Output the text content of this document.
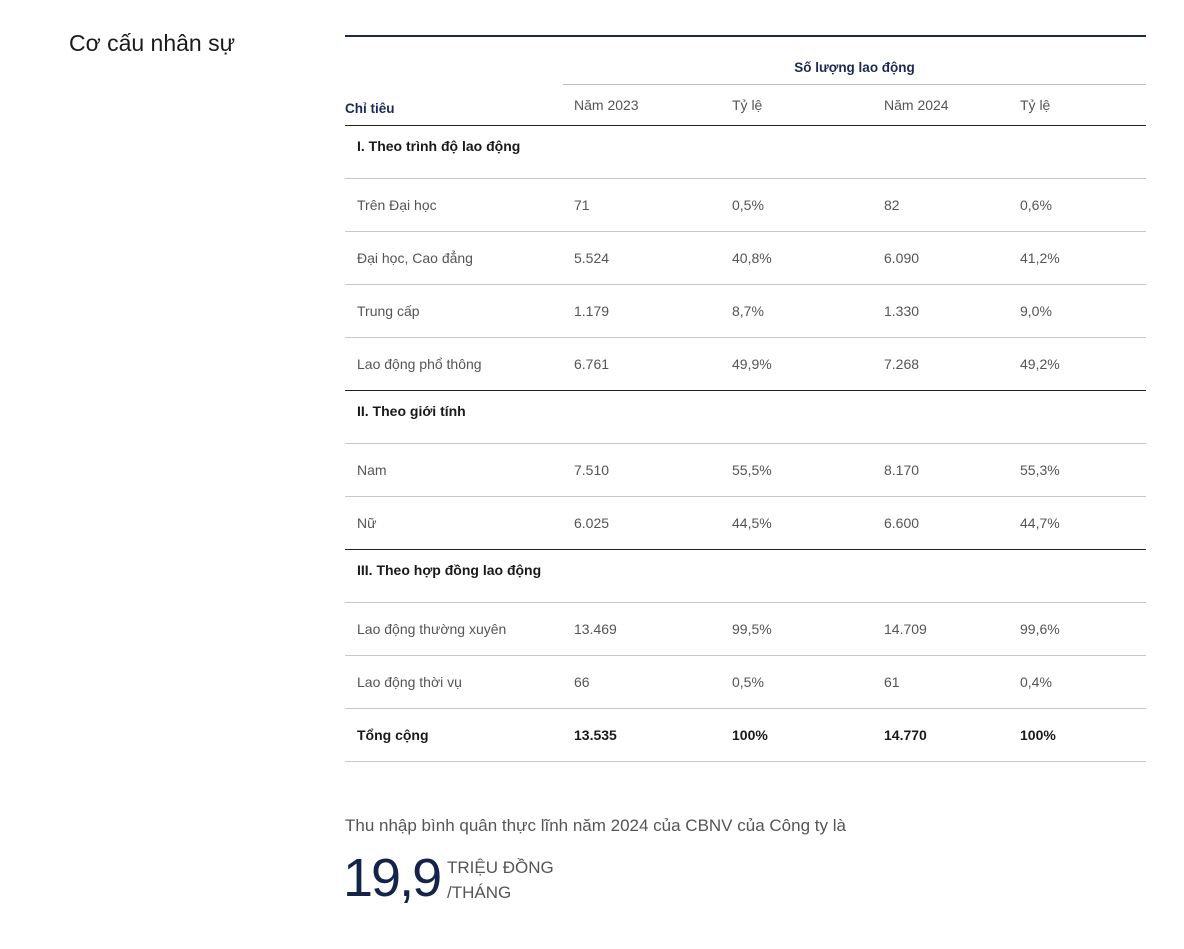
Cơ cấu nhân sự
Chỉ tiêu	Số lượng lao động			
	Năm 2023	Tỷ lệ	Năm 2024	Tỷ lệ
I. Theo trình độ lao động				
Trên Đại học	71	0,5%	82	0,6%
Đại học, Cao đẳng	5.524	40,8%	6.090	41,2%
Trung cấp	1.179	8,7%	1.330	9,0%
Lao động phổ thông	6.761	49,9%	7.268	49,2%
II. Theo giới tính				
Nam	7.510	55,5%	8.170	55,3%
Nữ	6.025	44,5%	6.600	44,7%
III. Theo hợp đồng lao động				
Lao động thường xuyên	13.469	99,5%	14.709	99,6%
Lao động thời vụ	66	0,5%	61	0,4%
Tổng cộng	13.535	100%	14.770	100%
Thu nhập bình quân thực lĩnh năm 2024 của CBNV của Công ty là
19,9 TRIỆU ĐỒNG
/THÁNG
